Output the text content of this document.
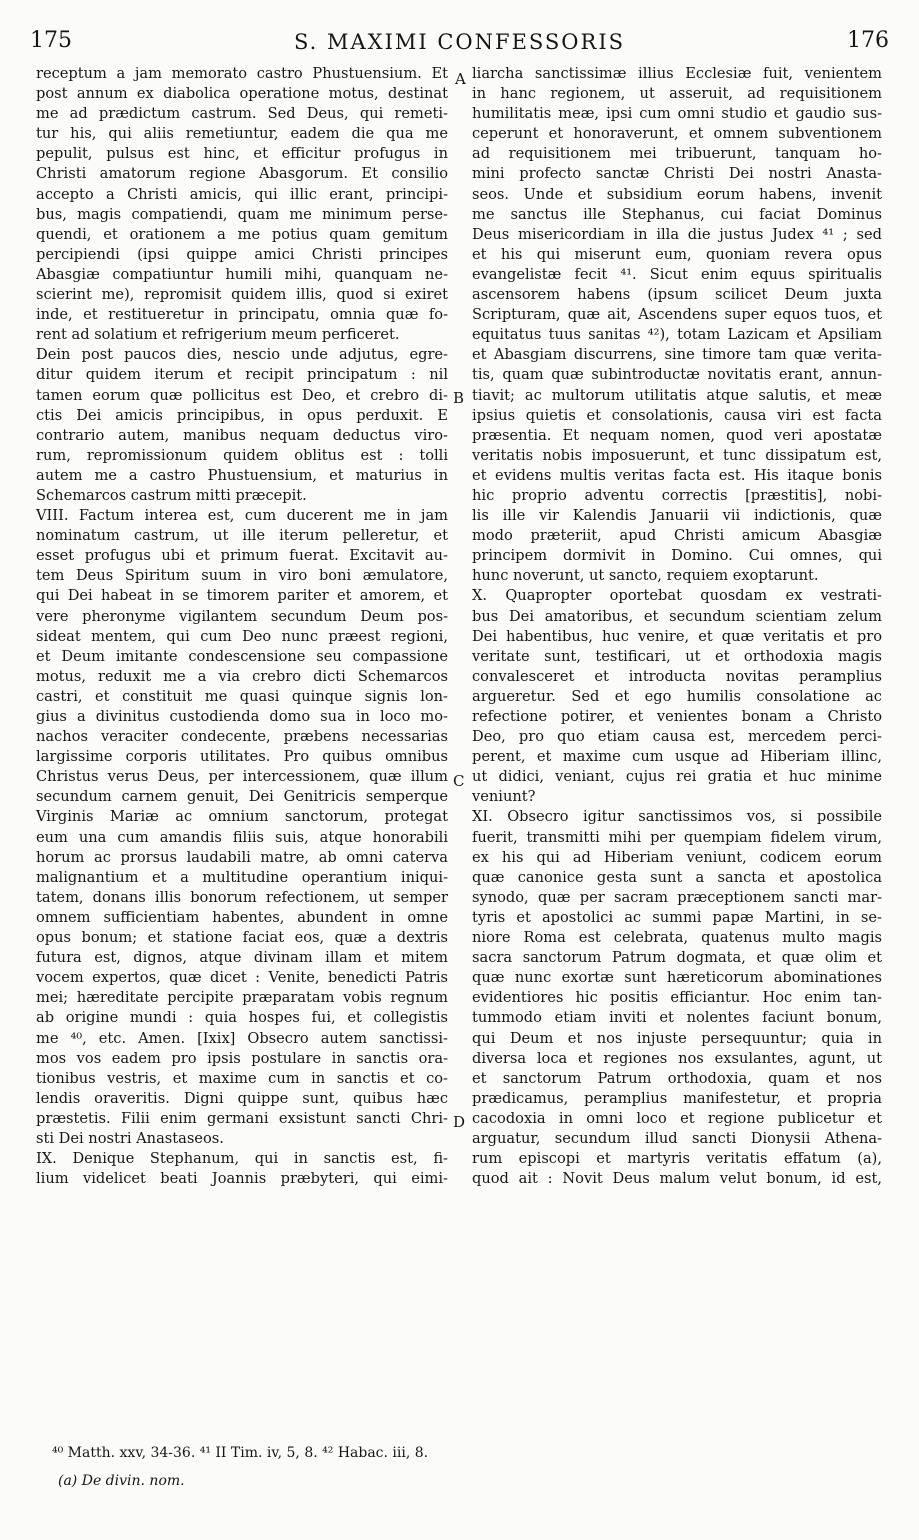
175	S. MAXIMI CONFESSORIS	176
receptum a jam memorato castro Phustuensium. Et
post annum ex diabolica operatione motus, destinat
me ad prædictum castrum. Sed Deus, qui remeti-
tur his, qui aliis remetiuntur, eadem die qua me
pepulit, pulsus est hinc, et efficitur profugus in
Christi amatorum regione Abasgorum. Et consilio
accepto a Christi amicis, qui illic erant, principi-
bus, magis compatiendi, quam me minimum perse-
quendi, et orationem a me potius quam gemitum
percipiendi (ipsi quippe amici Christi principes
Abasgiæ compatiuntur humili mihi, quanquam ne-
scierint me), repromisit quidem illis, quod si exiret
inde, et restitueretur in principatu, omnia quæ fo-
rent ad solatium et refrigerium meum perficeret.
Dein post paucos dies, nescio unde adjutus, egre-
ditur quidem iterum et recipit principatum : nil
tamen eorum quæ pollicitus est Deo, et crebro di-
ctis Dei amicis principibus, in opus perduxit. E
contrario autem, manibus nequam deductus viro-
rum, repromissionum quidem oblitus est : tolli
autem me a castro Phustuensium, et maturius in
Schemarcos castrum mitti præcepit.
VIII. Factum interea est, cum ducerent me in jam
nominatum castrum, ut ille iterum pelleretur, et
esset profugus ubi et primum fuerat. Excitavit au-
tem Deus Spiritum suum in viro boni æmulatore,
qui Dei habeat in se timorem pariter et amorem, et
vere pheronyme vigilantem secundum Deum pos-
sideat mentem, qui cum Deo nunc præest regioni,
et Deum imitante condescensione seu compassione
motus, reduxit me a via crebro dicti Schemarcos
castri, et constituit me quasi quinque signis lon-
gius a divinitus custodienda domo sua in loco mo-
nachos veraciter condecente, præbens necessarias
largissime corporis utilitates. Pro quibus omnibus
Christus verus Deus, per intercessionem, quæ illum
secundum carnem genuit, Dei Genitricis semperque
Virginis Mariæ ac omnium sanctorum, protegat
eum una cum amandis filiis suis, atque honorabili
horum ac prorsus laudabili matre, ab omni caterva
malignantium et a multitudine operantium iniqui-
tatem, donans illis bonorum refectionem, ut semper
omnem sufficientiam habentes, abundent in omne
opus bonum; et statione faciat eos, quæ a dextris
futura est, dignos, atque divinam illam et mitem
vocem expertos, quæ dicet : Venite, benedicti Patris
mei; hæreditate percipite præparatam vobis regnum
ab origine mundi : quia hospes fui, et collegistis
me ⁴⁰, etc. Amen. [Ixix] Obsecro autem sanctissi-
mos vos eadem pro ipsis postulare in sanctis ora-
tionibus vestris, et maxime cum in sanctis et co-
lendis oraveritis. Digni quippe sunt, quibus hæc
præstetis. Filii enim germani exsistunt sancti Chri-
sti Dei nostri Anastaseos.
IX. Denique Stephanum, qui in sanctis est, fi-
lium videlicet beati Joannis præbyteri, qui eimi-
liarcha sanctissimæ illius Ecclesiæ fuit, venientem
in hanc regionem, ut asseruit, ad requisitionem
humilitatis meæ, ipsi cum omni studio et gaudio sus-
ceperunt et honoraverunt, et omnem subventionem
ad requisitionem mei tribuerunt, tanquam ho-
mini profecto sanctæ Christi Dei nostri Anasta-
seos. Unde et subsidium eorum habens, invenit
me sanctus ille Stephanus, cui faciat Dominus
Deus misericordiam in illa die justus Judex ⁴¹ ; sed
et his qui miserunt eum, quoniam revera opus
evangelistæ fecit ⁴¹. Sicut enim equus spiritualis
ascensorem habens (ipsum scilicet Deum juxta
Scripturam, quæ ait, Ascendens super equos tuos, et
equitatus tuus sanitas ⁴²), totam Lazicam et Apsiliam
et Abasgiam discurrens, sine timore tam quæ verita-
tis, quam quæ subintroductæ novitatis erant, annun-
tiavit; ac multorum utilitatis atque salutis, et meæ
ipsius quietis et consolationis, causa viri est facta
præsentia. Et nequam nomen, quod veri apostatæ
veritatis nobis imposuerunt, et tunc dissipatum est,
et evidens multis veritas facta est. His itaque bonis
hic proprio adventu correctis [præstitis], nobi-
lis ille vir Kalendis Januarii vii indictionis, quæ
modo præteriit, apud Christi amicum Abasgiæ
principem dormivit in Domino. Cui omnes, qui
hunc noverunt, ut sancto, requiem exoptarunt.
X. Quapropter oportebat quosdam ex vestrati-
bus Dei amatoribus, et secundum scientiam zelum
Dei habentibus, huc venire, et quæ veritatis et pro
veritate sunt, testificari, ut et orthodoxia magis
convalesceret et introducta novitas peramplius
argueretur. Sed et ego humilis consolatione ac
refectione potirer, et venientes bonam a Christo
Deo, pro quo etiam causa est, mercedem perci-
perent, et maxime cum usque ad Hiberiam illinc,
ut didici, veniant, cujus rei gratia et huc minime
veniunt?
XI. Obsecro igitur sanctissimos vos, si possibile
fuerit, transmitti mihi per quempiam fidelem virum,
ex his qui ad Hiberiam veniunt, codicem eorum
quæ canonice gesta sunt a sancta et apostolica
synodo, quæ per sacram præceptionem sancti mar-
tyris et apostolici ac summi papæ Martini, in se-
niore Roma est celebrata, quatenus multo magis
sacra sanctorum Patrum dogmata, et quæ olim et
quæ nunc exortæ sunt hæreticorum abominationes
evidentiores hic positis efficiantur. Hoc enim tan-
tummodo etiam inviti et nolentes faciunt bonum,
qui Deum et nos injuste persequuntur; quia in
diversa loca et regiones nos exsulantes, agunt, ut
et sanctorum Patrum orthodoxia, quam et nos
prædicamus, peramplius manifestetur, et propria
cacodoxia in omni loco et regione publicetur et
arguatur, secundum illud sancti Dionysii Athena-
rum episcopi et martyris veritatis effatum (a),
quod ait : Novit Deus malum velut bonum, id est,
A
B
C
D
⁴⁰ Matth. xxv, 34-36. ⁴¹ II Tim. iv, 5, 8. ⁴² Habac. iii, 8.
(a) De divin. nom.
